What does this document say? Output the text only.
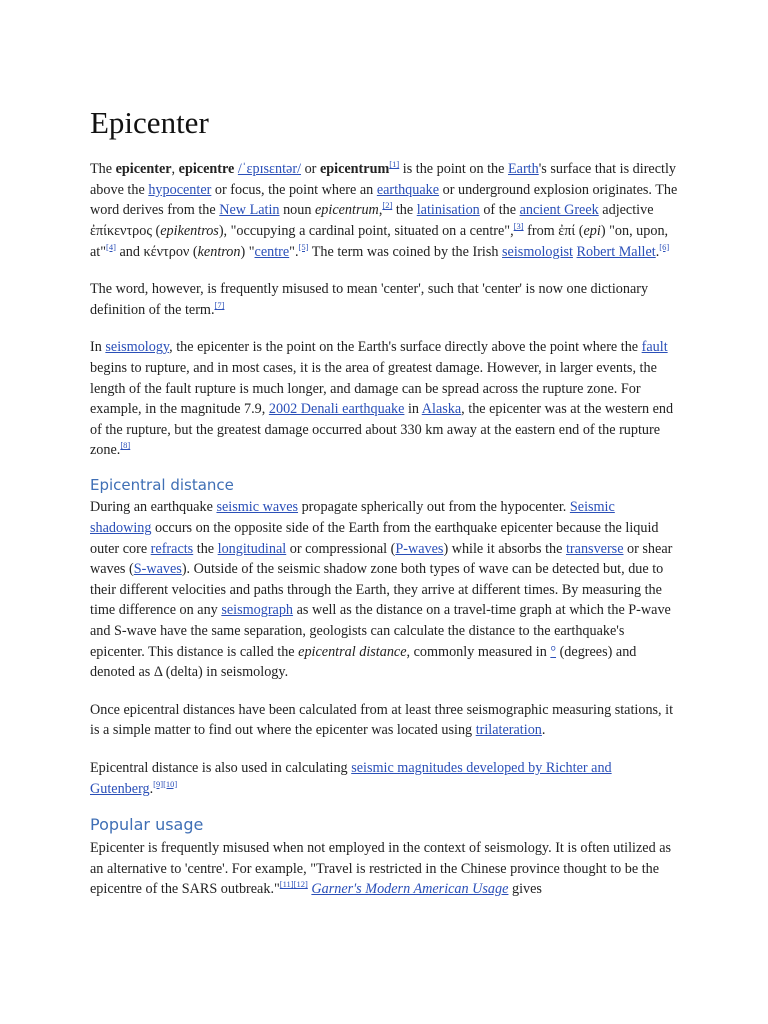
Epicenter

The epicenter, epicentre /ˈɛpɪsɛntər/ or epicentrum[1] is the point on the Earth's surface that is directly above the hypocenter or focus, the point where an earthquake or underground explosion originates. The word derives from the New Latin noun epicentrum,[2] the latinisation of the ancient Greek adjective ἐπίκεντρος (epikentros), "occupying a cardinal point, situated on a centre",[3] from ἐπί (epi) "on, upon, at"[4] and κέντρον (kentron) "centre".[5] The term was coined by the Irish seismologist Robert Mallet.[6]

The word, however, is frequently misused to mean 'center', such that 'center' is now one dictionary definition of the term.[7]

In seismology, the epicenter is the point on the Earth's surface directly above the point where the fault begins to rupture, and in most cases, it is the area of greatest damage. However, in larger events, the length of the fault rupture is much longer, and damage can be spread across the rupture zone. For example, in the magnitude 7.9, 2002 Denali earthquake in Alaska, the epicenter was at the western end of the rupture, but the greatest damage occurred about 330 km away at the eastern end of the rupture zone.[8]

Epicentral distance

During an earthquake seismic waves propagate spherically out from the hypocenter. Seismic shadowing occurs on the opposite side of the Earth from the earthquake epicenter because the liquid outer core refracts the longitudinal or compressional (P-waves) while it absorbs the transverse or shear waves (S-waves). Outside of the seismic shadow zone both types of wave can be detected but, due to their different velocities and paths through the Earth, they arrive at different times. By measuring the time difference on any seismograph as well as the distance on a travel-time graph at which the P-wave and S-wave have the same separation, geologists can calculate the distance to the earthquake's epicenter. This distance is called the epicentral distance, commonly measured in ° (degrees) and denoted as Δ (delta) in seismology.

Once epicentral distances have been calculated from at least three seismographic measuring stations, it is a simple matter to find out where the epicenter was located using trilateration.

Epicentral distance is also used in calculating seismic magnitudes developed by Richter and Gutenberg.[9][10]

Popular usage

Epicenter is frequently misused when not employed in the context of seismology. It is often utilized as an alternative to 'centre'. For example, "Travel is restricted in the Chinese province thought to be the epicentre of the SARS outbreak."[11][12] Garner's Modern American Usage gives
